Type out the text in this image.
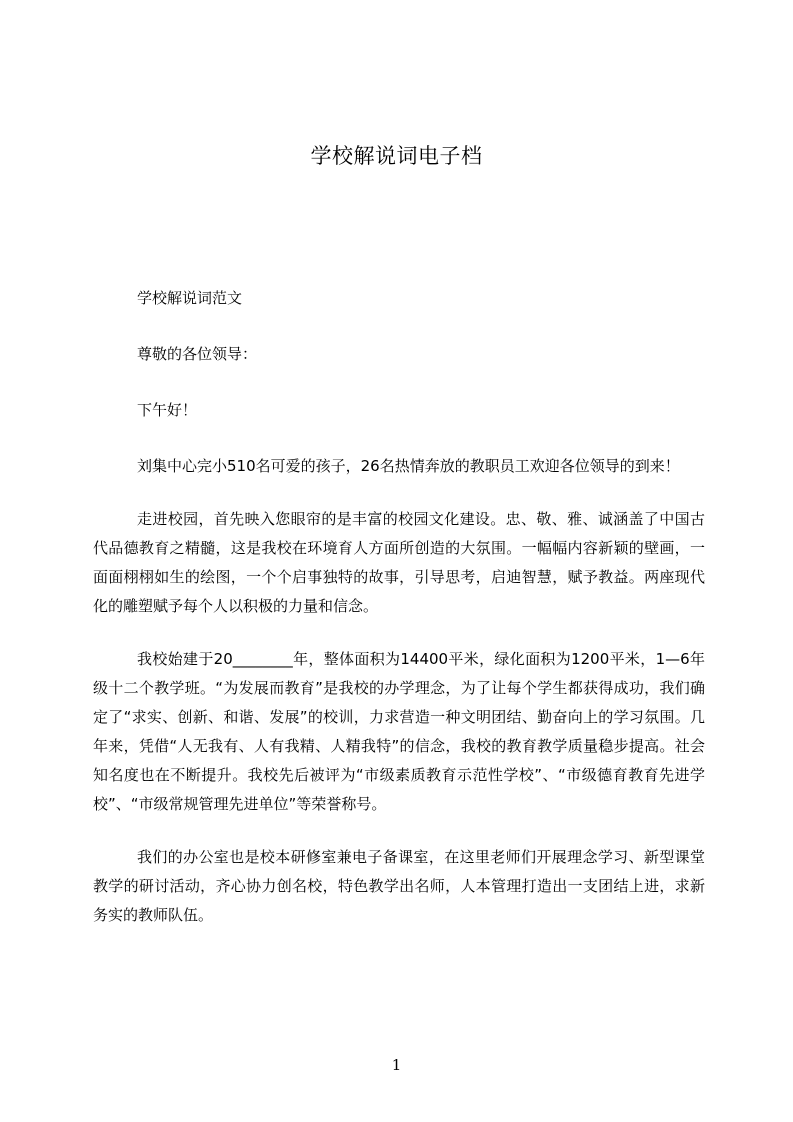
学校解说词电子档

学校解说词范文

尊敬的各位领导：

下午好！

刘集中心完小510名可爱的孩子，26名热情奔放的教职员工欢迎各位领导的到来！

走进校园，首先映入您眼帘的是丰富的校园文化建设。忠、敬、雅、诚涵盖了中国古代品德教育之精髓，这是我校在环境育人方面所创造的大氛围。一幅幅内容新颖的壁画，一面面栩栩如生的绘图，一个个启事独特的故事，引导思考，启迪智慧，赋予教益。两座现代化的雕塑赋予每个人以积极的力量和信念。

我校始建于20________年，整体面积为14400平米，绿化面积为1200平米，1—6年级十二个教学班。“为发展而教育”是我校的办学理念，为了让每个学生都获得成功，我们确定了“求实、创新、和谐、发展”的校训，力求营造一种文明团结、勤奋向上的学习氛围。几年来，凭借“人无我有、人有我精、人精我特”的信念，我校的教育教学质量稳步提高。社会知名度也在不断提升。我校先后被评为“市级素质教育示范性学校”、“市级德育教育先进学校”、“市级常规管理先进单位”等荣誉称号。

我们的办公室也是校本研修室兼电子备课室，在这里老师们开展理念学习、新型课堂教学的研讨活动，齐心协力创名校，特色教学出名师，人本管理打造出一支团结上进，求新务实的教师队伍。

1
